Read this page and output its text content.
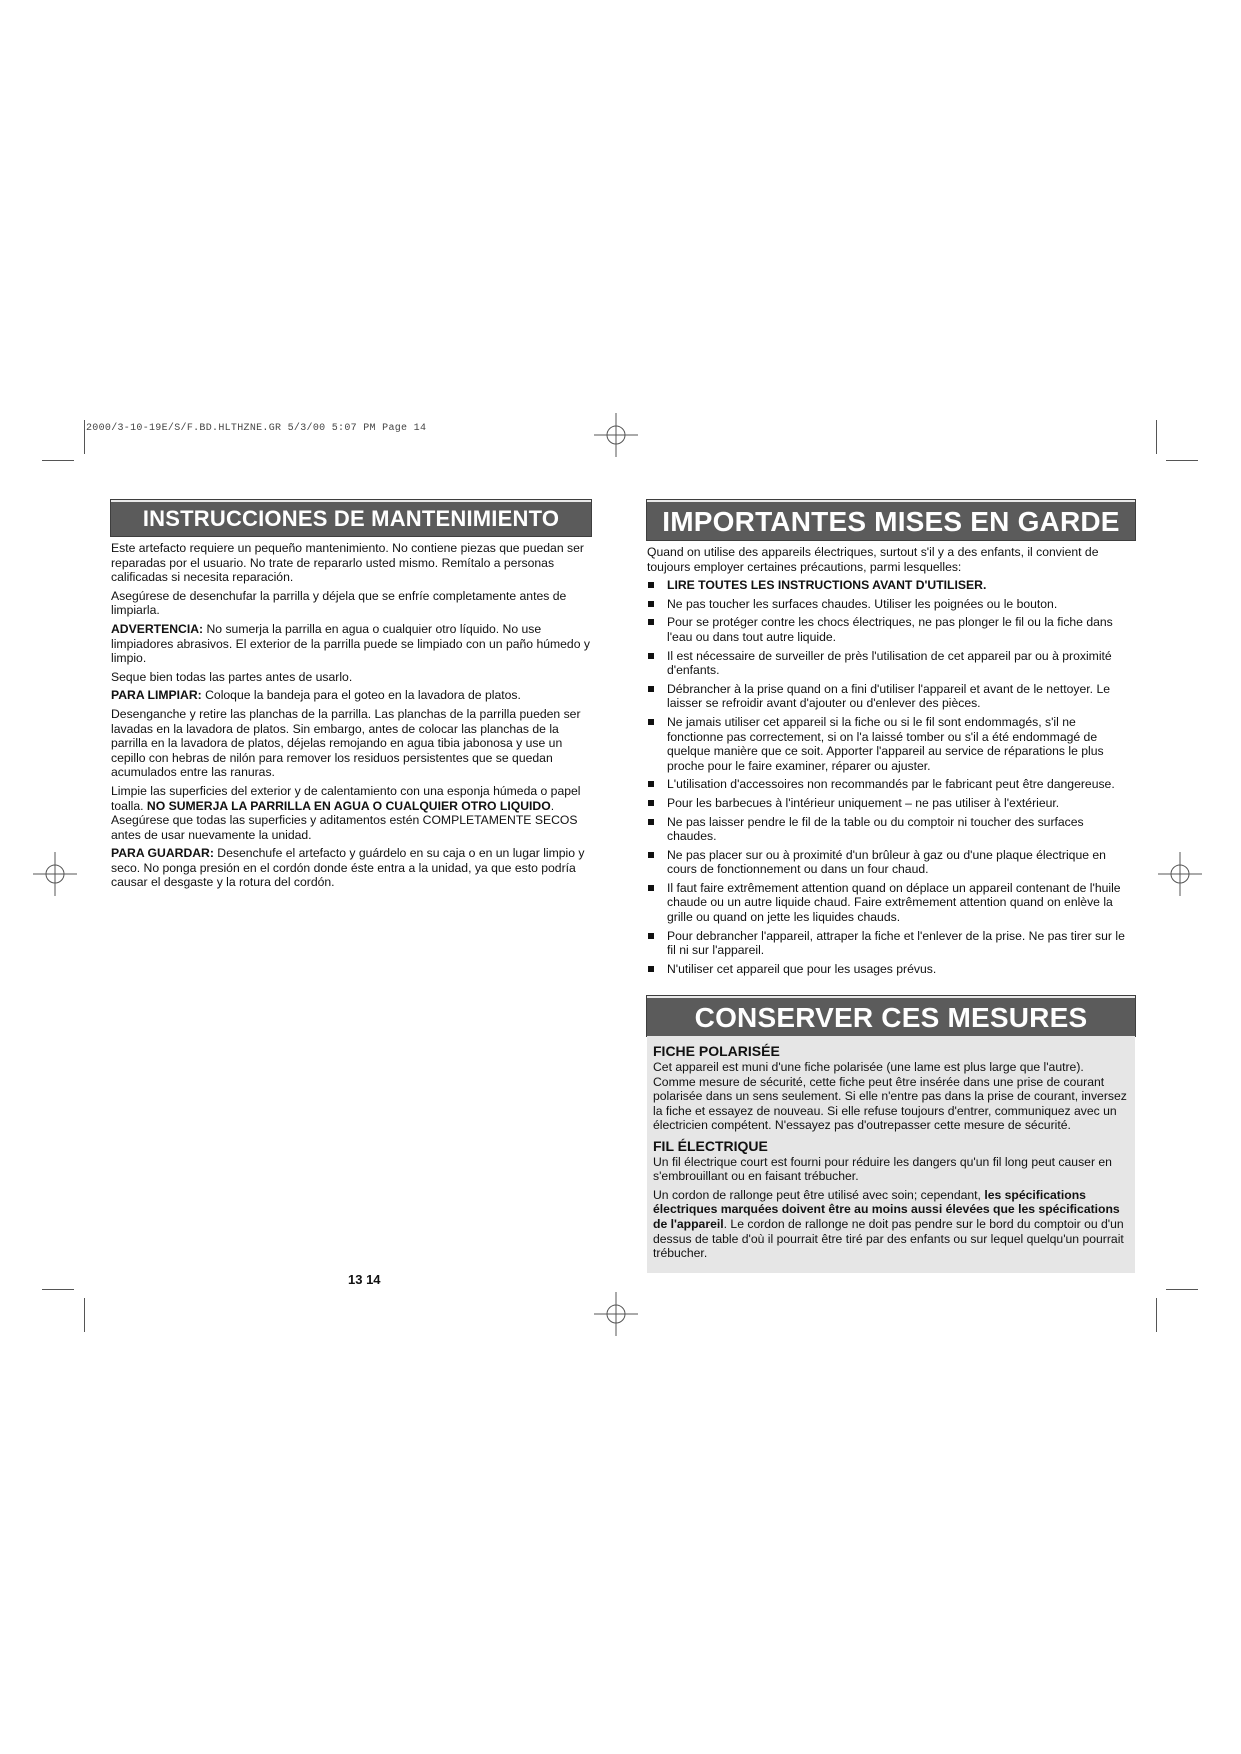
2000/3-10-19E/S/F.BD.HLTHZNE.GR 5/3/00 5:07 PM Page 14
INSTRUCCIONES DE MANTENIMIENTO

Este artefacto requiere un pequeño mantenimiento. No contiene piezas que puedan ser reparadas por el usuario. No trate de repararlo usted mismo. Remítalo a personas calificadas si necesita reparación.

Asegúrese de desenchufar la parrilla y déjela que se enfríe completamente antes de limpiarla.

ADVERTENCIA: No sumerja la parrilla en agua o cualquier otro líquido. No use limpiadores abrasivos. El exterior de la parrilla puede se limpiado con un paño húmedo y limpio.

Seque bien todas las partes antes de usarlo.

PARA LIMPIAR: Coloque la bandeja para el goteo en la lavadora de platos.

Desenganche y retire las planchas de la parrilla. Las planchas de la parrilla pueden ser lavadas en la lavadora de platos. Sin embargo, antes de colocar las planchas de la parrilla en la lavadora de platos, déjelas remojando en agua tibia jabonosa y use un cepillo con hebras de nilón para remover los residuos persistentes que se quedan acumulados entre las ranuras.

Limpie las superficies del exterior y de calentamiento con una esponja húmeda o papel toalla. NO SUMERJA LA PARRILLA EN AGUA O CUALQUIER OTRO LIQUIDO. Asegúrese que todas las superficies y aditamentos estén COMPLETAMENTE SECOS antes de usar nuevamente la unidad.

PARA GUARDAR: Desenchufe el artefacto y guárdelo en su caja o en un lugar limpio y seco. No ponga presión en el cordón donde éste entra a la unidad, ya que esto podría causar el desgaste y la rotura del cordón.

IMPORTANTES MISES EN GARDE

Quand on utilise des appareils électriques, surtout s'il y a des enfants, il convient de toujours employer certaines précautions, parmi lesquelles:

LIRE TOUTES LES INSTRUCTIONS AVANT D'UTILISER.
Ne pas toucher les surfaces chaudes. Utiliser les poignées ou le bouton.
Pour se protéger contre les chocs électriques, ne pas plonger le fil ou la fiche dans l'eau ou dans tout autre liquide.
Il est nécessaire de surveiller de près l'utilisation de cet appareil par ou à proximité d'enfants.
Débrancher à la prise quand on a fini d'utiliser l'appareil et avant de le nettoyer. Le laisser se refroidir avant d'ajouter ou d'enlever des pièces.
Ne jamais utiliser cet appareil si la fiche ou si le fil sont endommagés, s'il ne fonctionne pas correctement, si on l'a laissé tomber ou s'il a été endommagé de quelque manière que ce soit. Apporter l'appareil au service de réparations le plus proche pour le faire examiner, réparer ou ajuster.
L'utilisation d'accessoires non recommandés par le fabricant peut être dangereuse.
Pour les barbecues à l'intérieur uniquement – ne pas utiliser à l'extérieur.
Ne pas laisser pendre le fil de la table ou du comptoir ni toucher des surfaces chaudes.
Ne pas placer sur ou à proximité d'un brûleur à gaz ou d'une plaque électrique en cours de fonctionnement ou dans un four chaud.
Il faut faire extrêmement attention quand on déplace un appareil contenant de l'huile chaude ou un autre liquide chaud. Faire extrêmement attention quand on enlève la grille ou quand on jette les liquides chauds.
Pour debrancher l'appareil, attraper la fiche et l'enlever de la prise. Ne pas tirer sur le fil ni sur l'appareil.
N'utiliser cet appareil que pour les usages prévus.
CONSERVER CES MESURES
FICHE POLARISÉE

Cet appareil est muni d'une fiche polarisée (une lame est plus large que l'autre). Comme mesure de sécurité, cette fiche peut être insérée dans une prise de courant polarisée dans un sens seulement. Si elle n'entre pas dans la prise de courant, inversez la fiche et essayez de nouveau. Si elle refuse toujours d'entrer, communiquez avec un électricien compétent. N'essayez pas d'outrepasser cette mesure de sécurité.

FIL ÉLECTRIQUE

Un fil électrique court est fourni pour réduire les dangers qu'un fil long peut causer en s'embrouillant ou en faisant trébucher.

Un cordon de rallonge peut être utilisé avec soin; cependant, les spécifications électriques marquées doivent être au moins aussi élevées que les spécifications de l'appareil. Le cordon de rallonge ne doit pas pendre sur le bord du comptoir ou d'un dessus de table d'où il pourrait être tiré par des enfants ou sur lequel quelqu'un pourrait trébucher.

13 14
